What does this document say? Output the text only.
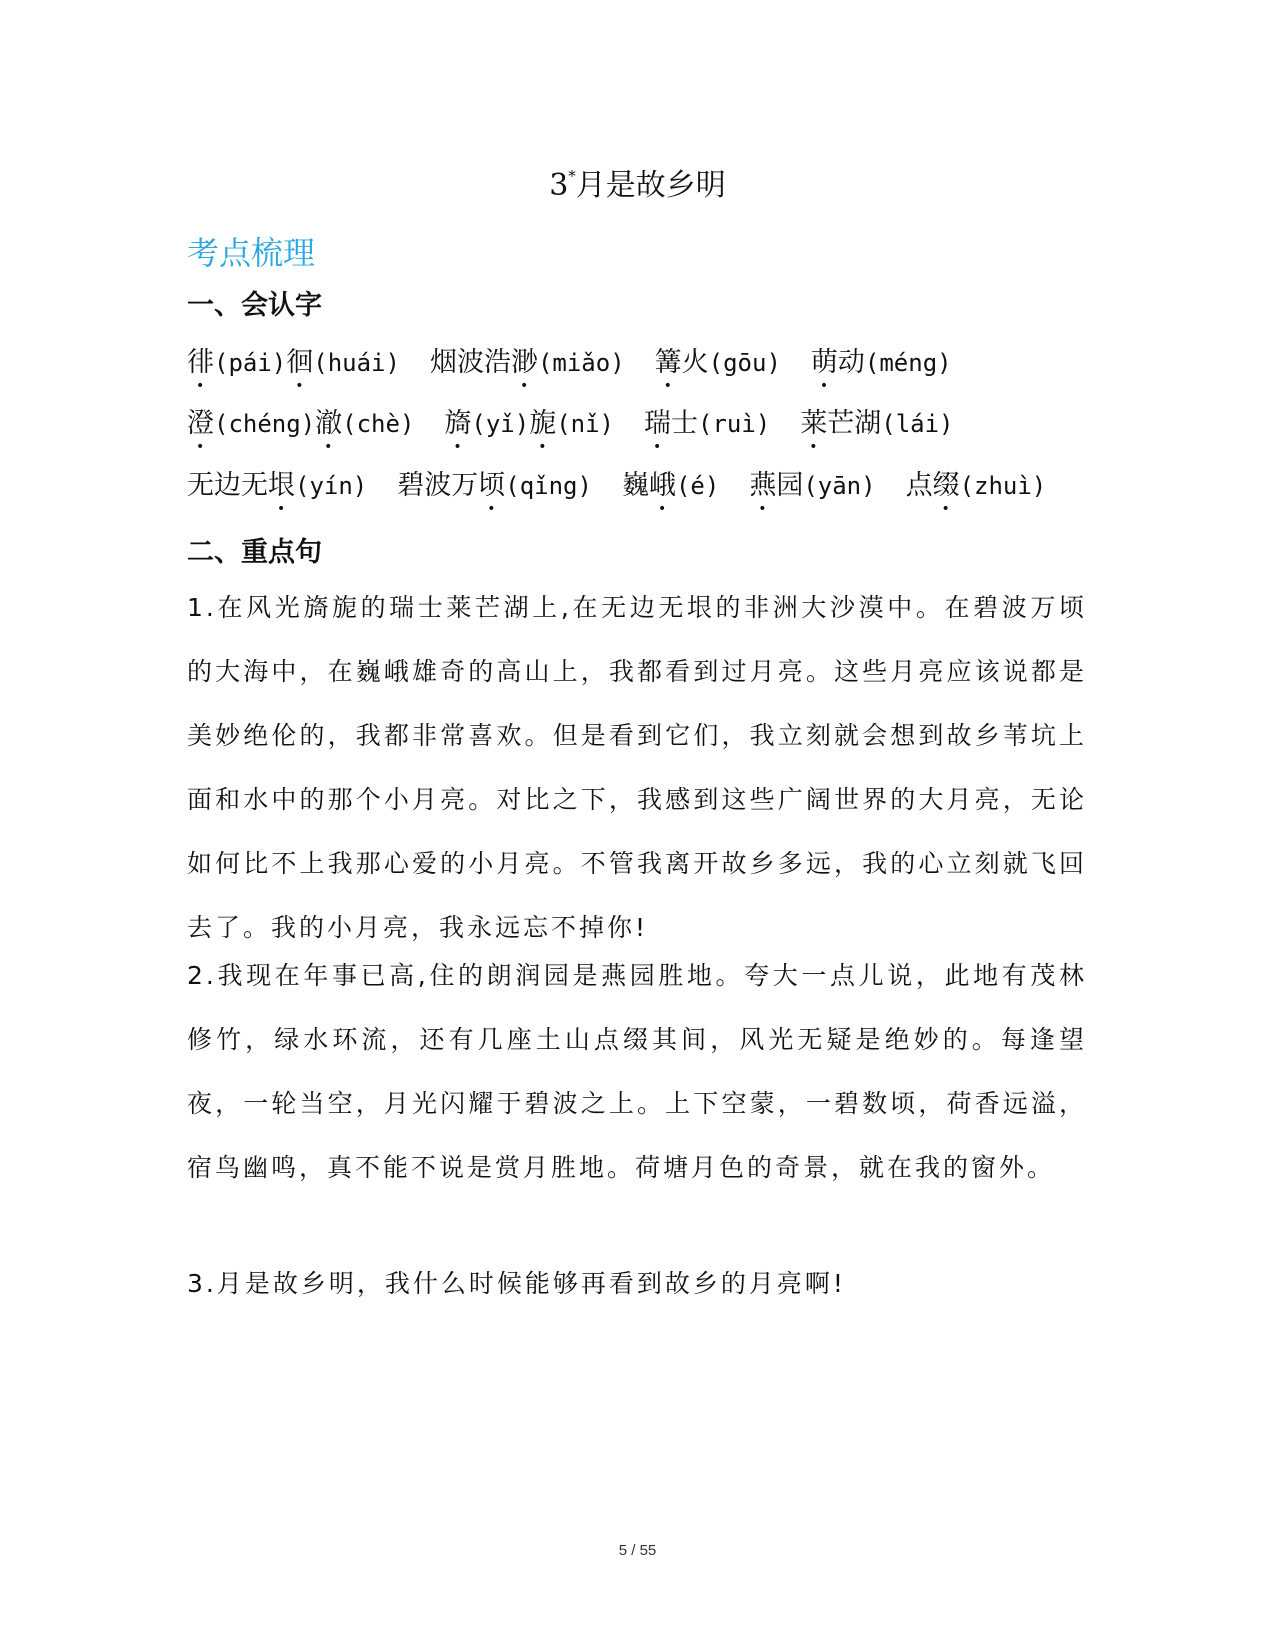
3*月是故乡明
考点梳理
一、会认字
徘(pái)徊(huái) 烟波浩渺(miǎo) 篝火(gōu) 萌动(méng)
澄(chéng)澈(chè) 旖(yǐ)旎(nǐ) 瑞士(ruì) 莱芒湖(lái)
无边无垠(yín) 碧波万顷(qǐng) 巍峨(é) 燕园(yān) 点缀(zhuì)
二、重点句
1.在风光旖旎的瑞士莱芒湖上,在无边无垠的非洲大沙漠中。在碧波万顷的大海中，在巍峨雄奇的高山上，我都看到过月亮。这些月亮应该说都是美妙绝伦的，我都非常喜欢。但是看到它们，我立刻就会想到故乡苇坑上面和水中的那个小月亮。对比之下，我感到这些广阔世界的大月亮，无论如何比不上我那心爱的小月亮。不管我离开故乡多远，我的心立刻就飞回去了。我的小月亮，我永远忘不掉你!
2.我现在年事已高,住的朗润园是燕园胜地。夸大一点儿说，此地有茂林修竹，绿水环流，还有几座土山点缀其间，风光无疑是绝妙的。每逢望夜，一轮当空，月光闪耀于碧波之上。上下空蒙，一碧数顷，荷香远溢，宿鸟幽鸣，真不能不说是赏月胜地。荷塘月色的奇景，就在我的窗外。
3.月是故乡明，我什么时候能够再看到故乡的月亮啊!
5 / 55
